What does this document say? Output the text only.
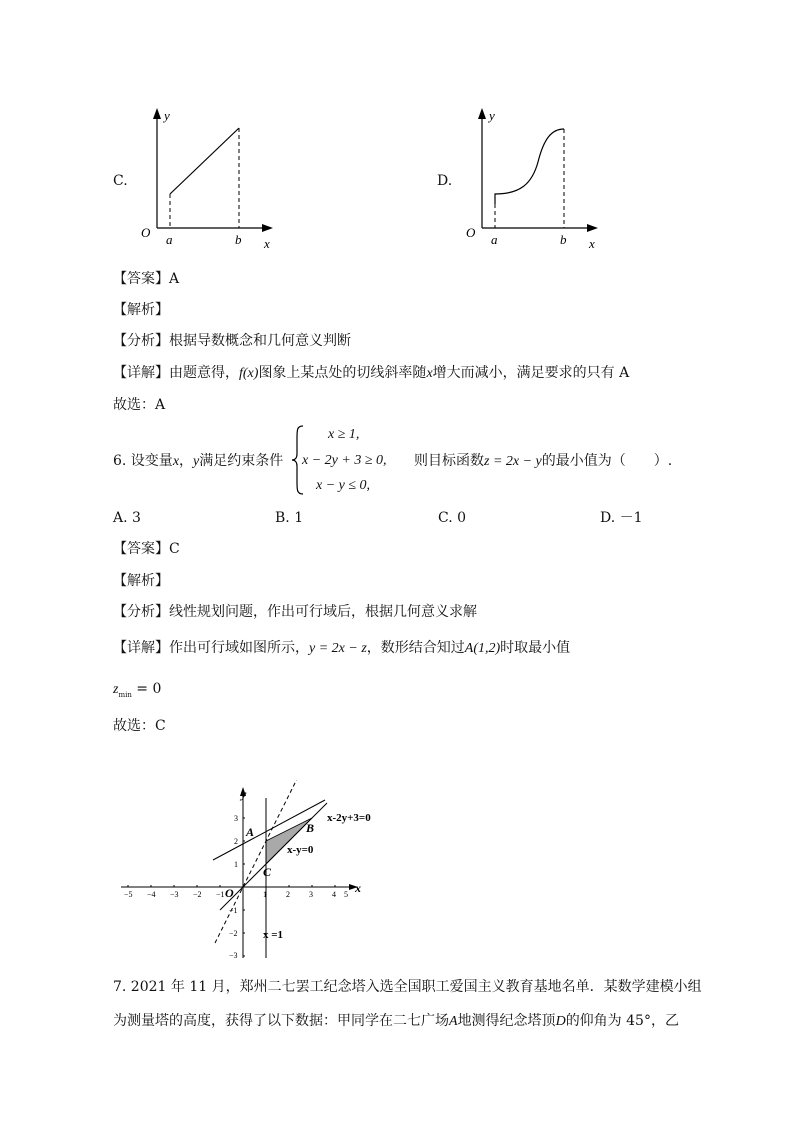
C.
y
x
O a	b
D.
y
x
O a	b
【答案】A
【解析】
【分析】根据导数概念和几何意义判断
【详解】由题意得，f(x)图象上某点处的切线斜率随x增大而减小，满足要求的只有 A
故选：A
6. 设变量x，y满足约束条件
x ≥ 1,
x − 2y + 3 ≥ 0,
x − y ≤ 0,
则目标函数z = 2x − y的最小值为（　　）.
A. 3	B. 1	C. 0	D. －1
【答案】C
【解析】
【分析】线性规划问题，作出可行域后，根据几何意义求解
【详解】作出可行域如图所示，y = 2x − z，数形结合知过A(1,2)时取最小值
$z_{min} = 0$
故选：C
−5 −4 −3 −2 −1	1 2 3 4 5
3
2
1
−1
−2
−3
y
x
O
A	B
C
x-2y+3=0
x-y=0
x =1
7. 2021 年 11 月，郑州二七罢工纪念塔入选全国职工爱国主义教育基地名单．某数学建模小组
为测量塔的高度，获得了以下数据：甲同学在二七广场A地测得纪念塔顶D的仰角为 45°，乙
